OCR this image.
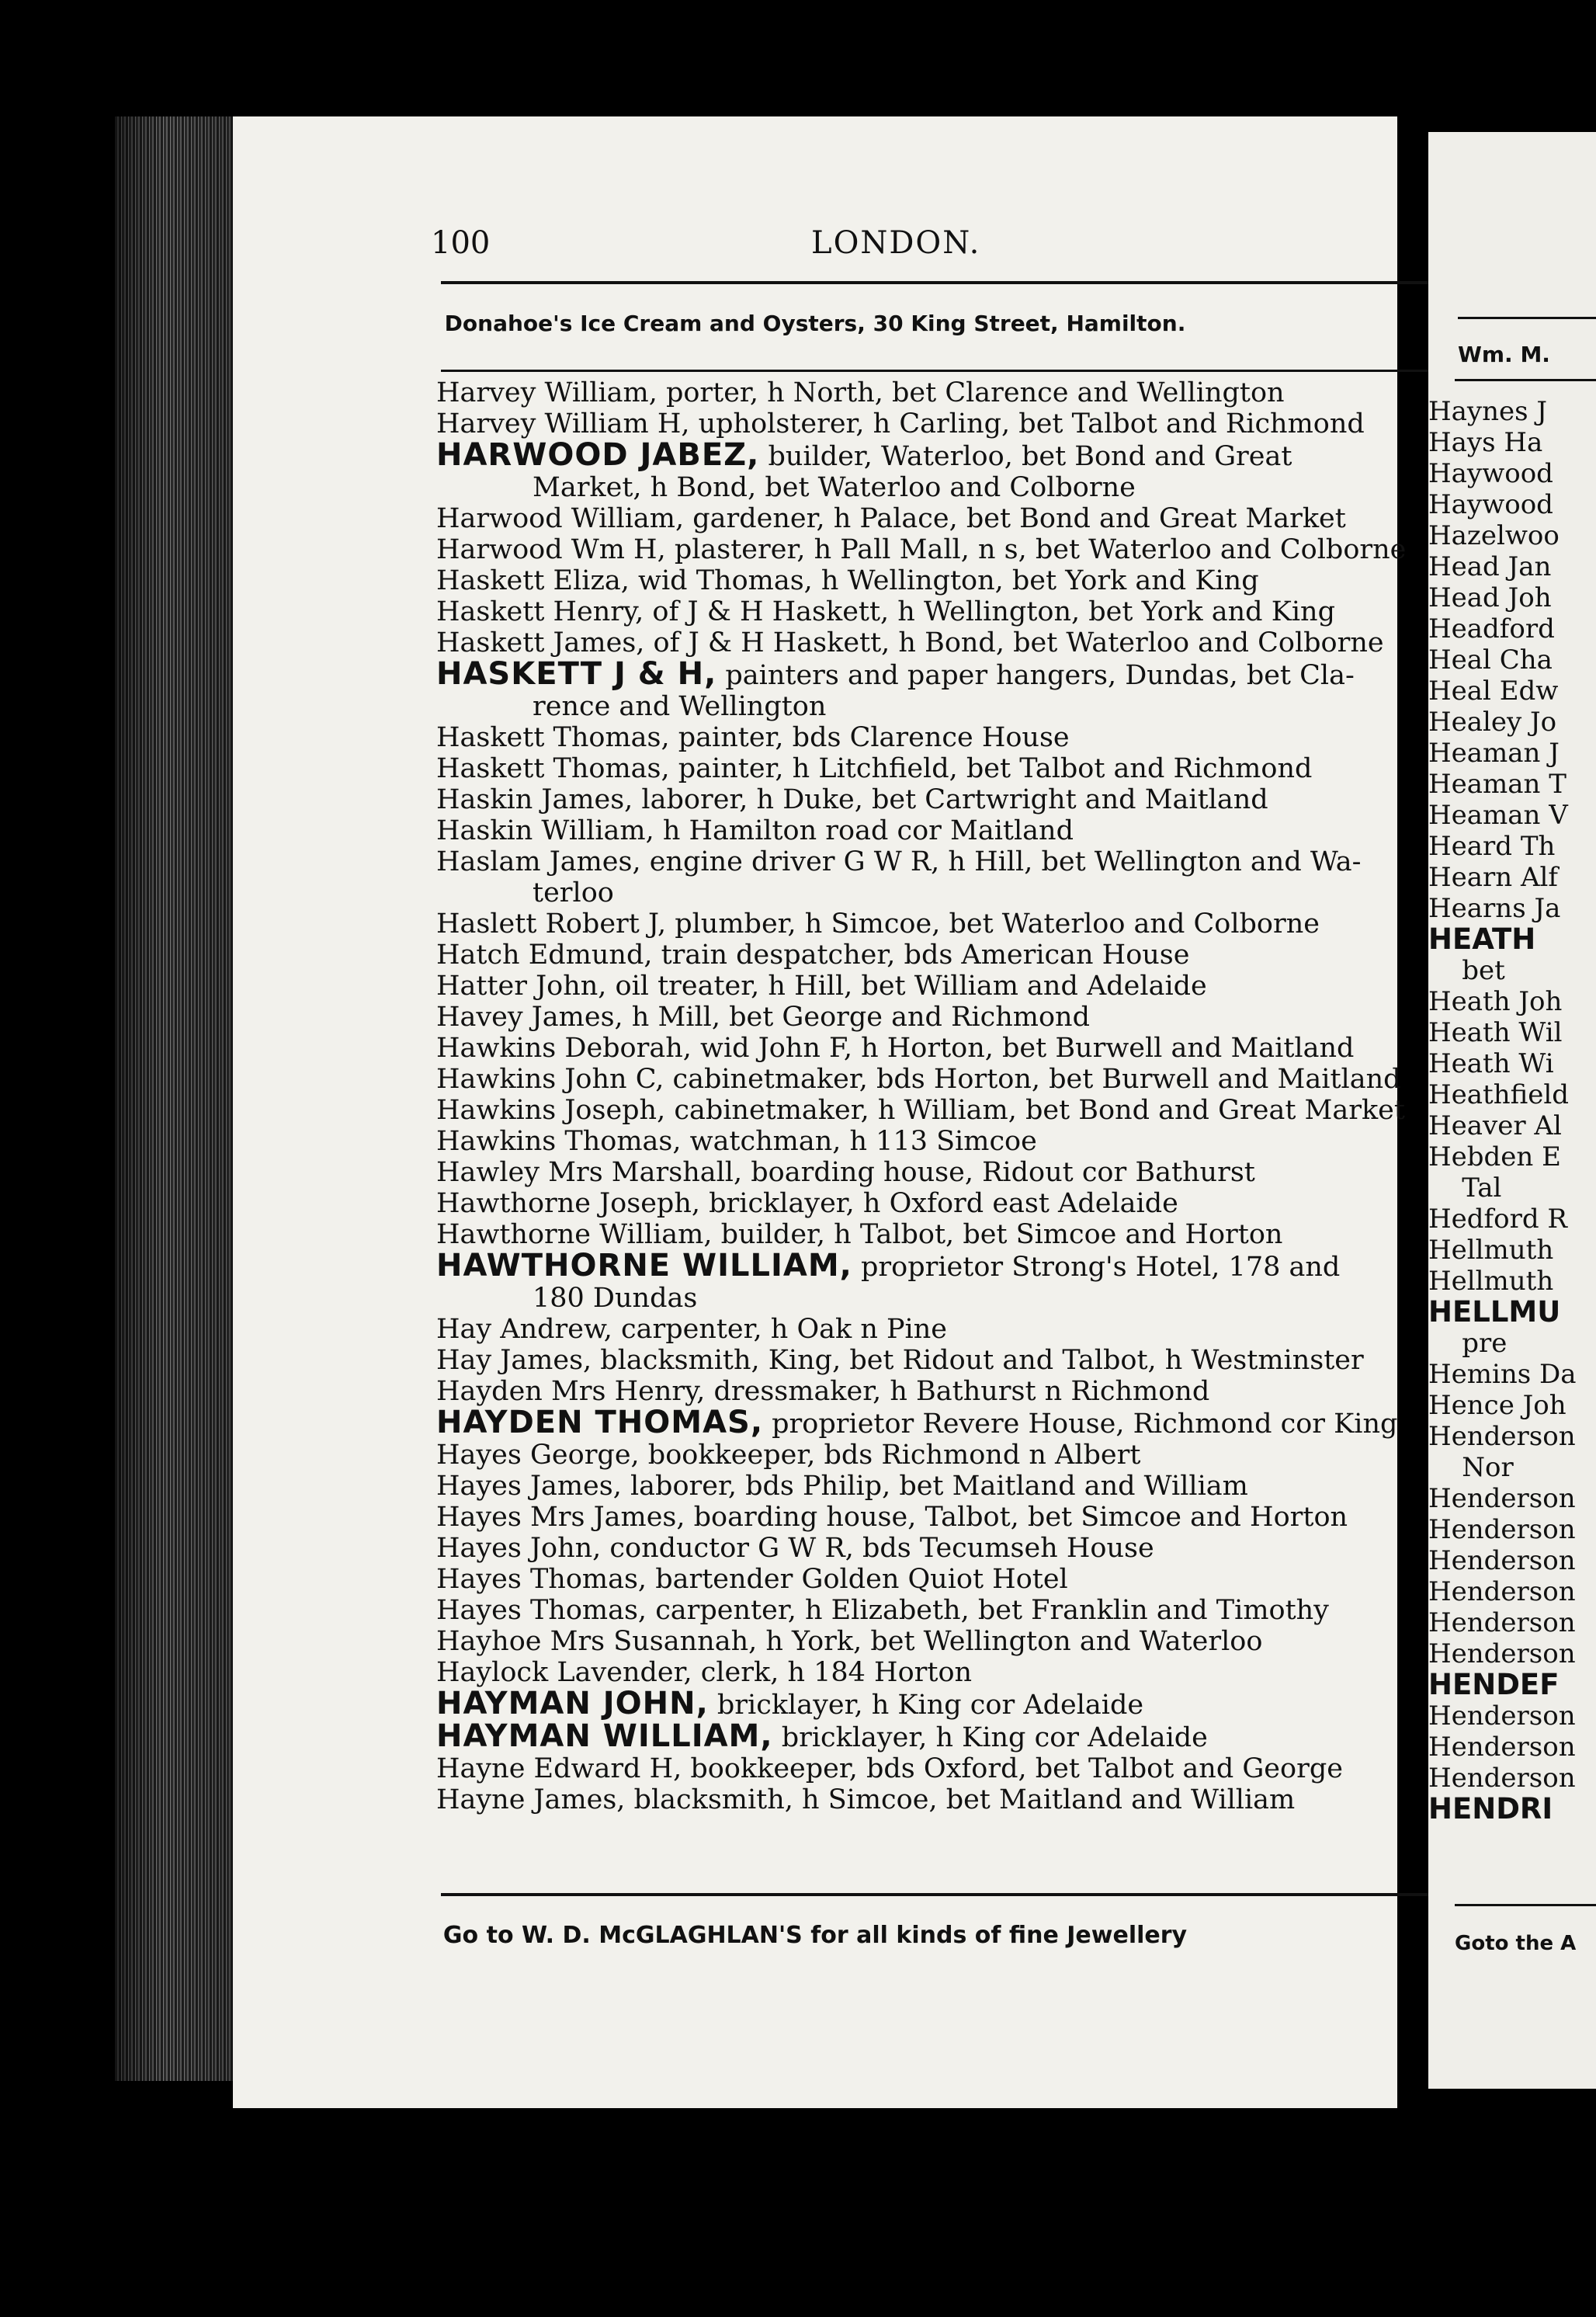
100	LONDON.
Donahoe's Ice Cream and Oysters, 30 King Street, Hamilton.
Harvey William, porter, h North, bet Clarence and Wellington
Harvey William H, upholsterer, h Carling, bet Talbot and Richmond
HARWOOD JABEZ, builder, Waterloo, bet Bond and Great
Market, h Bond, bet Waterloo and Colborne
Harwood William, gardener, h Palace, bet Bond and Great Market
Harwood Wm H, plasterer, h Pall Mall, n s, bet Waterloo and Colborne
Haskett Eliza, wid Thomas, h Wellington, bet York and King
Haskett Henry, of J & H Haskett, h Wellington, bet York and King
Haskett James, of J & H Haskett, h Bond, bet Waterloo and Colborne
HASKETT J & H, painters and paper hangers, Dundas, bet Cla-
rence and Wellington
Haskett Thomas, painter, bds Clarence House
Haskett Thomas, painter, h Litchfield, bet Talbot and Richmond
Haskin James, laborer, h Duke, bet Cartwright and Maitland
Haskin William, h Hamilton road cor Maitland
Haslam James, engine driver G W R, h Hill, bet Wellington and Wa-
terloo
Haslett Robert J, plumber, h Simcoe, bet Waterloo and Colborne
Hatch Edmund, train despatcher, bds American House
Hatter John, oil treater, h Hill, bet William and Adelaide
Havey James, h Mill, bet George and Richmond
Hawkins Deborah, wid John F, h Horton, bet Burwell and Maitland
Hawkins John C, cabinetmaker, bds Horton, bet Burwell and Maitland
Hawkins Joseph, cabinetmaker, h William, bet Bond and Great Market
Hawkins Thomas, watchman, h 113 Simcoe
Hawley Mrs Marshall, boarding house, Ridout cor Bathurst
Hawthorne Joseph, bricklayer, h Oxford east Adelaide
Hawthorne William, builder, h Talbot, bet Simcoe and Horton
HAWTHORNE WILLIAM, proprietor Strong's Hotel, 178 and
180 Dundas
Hay Andrew, carpenter, h Oak n Pine
Hay James, blacksmith, King, bet Ridout and Talbot, h Westminster
Hayden Mrs Henry, dressmaker, h Bathurst n Richmond
HAYDEN THOMAS, proprietor Revere House, Richmond cor King
Hayes George, bookkeeper, bds Richmond n Albert
Hayes James, laborer, bds Philip, bet Maitland and William
Hayes Mrs James, boarding house, Talbot, bet Simcoe and Horton
Hayes John, conductor G W R, bds Tecumseh House
Hayes Thomas, bartender Golden Quiot Hotel
Hayes Thomas, carpenter, h Elizabeth, bet Franklin and Timothy
Hayhoe Mrs Susannah, h York, bet Wellington and Waterloo
Haylock Lavender, clerk, h 184 Horton
HAYMAN JOHN, bricklayer, h King cor Adelaide
HAYMAN WILLIAM, bricklayer, h King cor Adelaide
Hayne Edward H, bookkeeper, bds Oxford, bet Talbot and George
Hayne James, blacksmith, h Simcoe, bet Maitland and William
Go to W. D. McGLAGHLAN'S for all kinds of fine Jewellery
Wm. M.
Haynes J
Hays Ha
Haywood
Haywood
Hazelwoo
Head Jan
Head Joh
Headford
Heal Cha
Heal Edw
Healey Jo
Heaman J
Heaman T
Heaman V
Heard Th
Hearn Alf
Hearns Ja
HEATH
bet
Heath Joh
Heath Wil
Heath Wi
Heathfield
Heaver Al
Hebden E
Tal
Hedford R
Hellmuth
Hellmuth
HELLMU
pre
Hemins Da
Hence Joh
Henderson
Nor
Henderson
Henderson
Henderson
Henderson
Henderson
Henderson
HENDEF
Henderson
Henderson
Henderson
HENDRI
Goto the A
